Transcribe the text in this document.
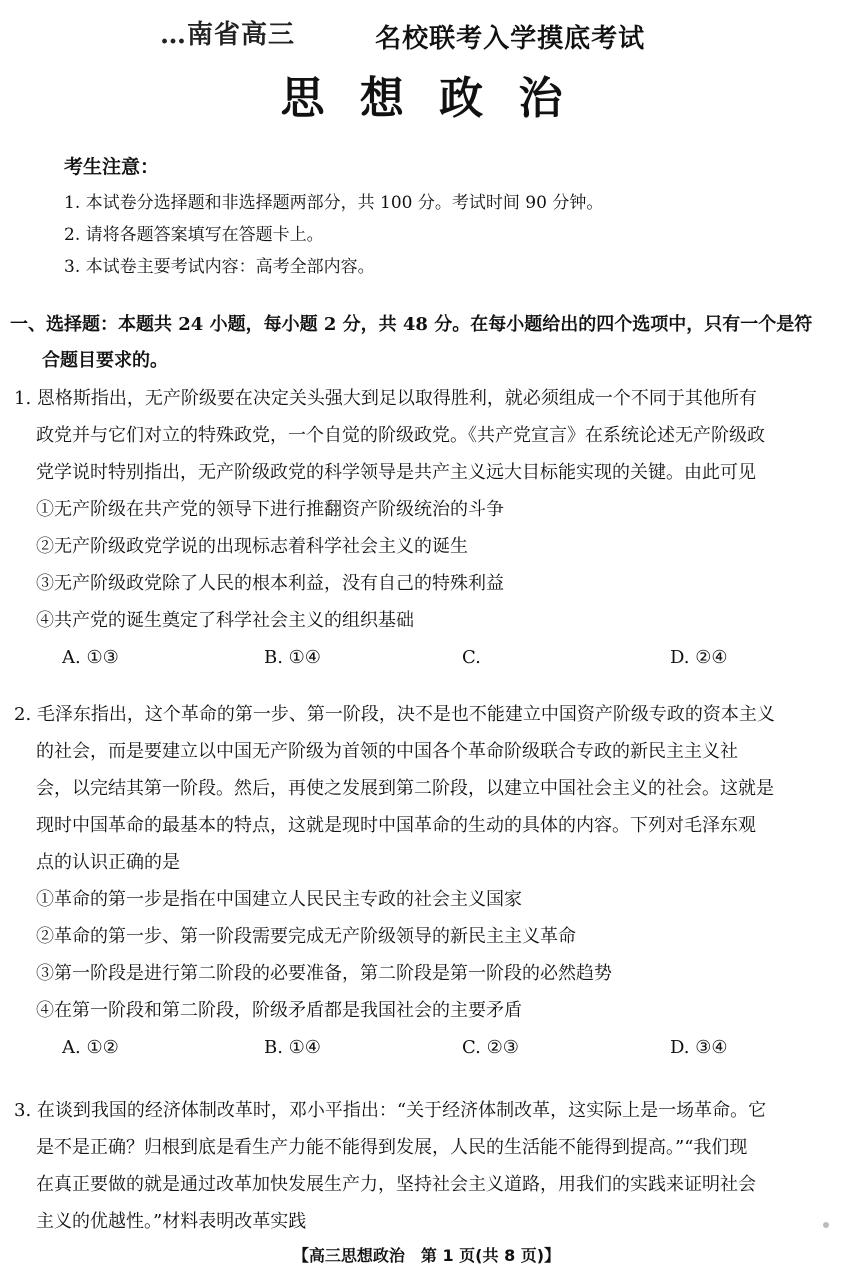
…南省高三	名校联考入学摸底考试
思 想 政 治
考生注意：
1. 本试卷分选择题和非选择题两部分，共 100 分。考试时间 90 分钟。
2. 请将各题答案填写在答题卡上。
3. 本试卷主要考试内容：高考全部内容。
一、选择题：本题共 24 小题，每小题 2 分，共 48 分。在每小题给出的四个选项中，只有一个是符
合题目要求的。
1. 恩格斯指出，无产阶级要在决定关头强大到足以取得胜利，就必须组成一个不同于其他所有
政党并与它们对立的特殊政党，一个自觉的阶级政党。《共产党宣言》在系统论述无产阶级政
党学说时特别指出，无产阶级政党的科学领导是共产主义远大目标能实现的关键。由此可见
①无产阶级在共产党的领导下进行推翻资产阶级统治的斗争
②无产阶级政党学说的出现标志着科学社会主义的诞生
③无产阶级政党除了人民的根本利益，没有自己的特殊利益
④共产党的诞生奠定了科学社会主义的组织基础
A. ①③	B. ①④	C.	D. ②④
2. 毛泽东指出，这个革命的第一步、第一阶段，决不是也不能建立中国资产阶级专政的资本主义
的社会，而是要建立以中国无产阶级为首领的中国各个革命阶级联合专政的新民主主义社
会，以完结其第一阶段。然后，再使之发展到第二阶段，以建立中国社会主义的社会。这就是
现时中国革命的最基本的特点，这就是现时中国革命的生动的具体的内容。下列对毛泽东观
点的认识正确的是
①革命的第一步是指在中国建立人民民主专政的社会主义国家
②革命的第一步、第一阶段需要完成无产阶级领导的新民主主义革命
③第一阶段是进行第二阶段的必要准备，第二阶段是第一阶段的必然趋势
④在第一阶段和第二阶段，阶级矛盾都是我国社会的主要矛盾
A. ①②	B. ①④	C. ②③	D. ③④
3. 在谈到我国的经济体制改革时，邓小平指出：“关于经济体制改革，这实际上是一场革命。它
是不是正确？归根到底是看生产力能不能得到发展，人民的生活能不能得到提高。”“我们现
在真正要做的就是通过改革加快发展生产力，坚持社会主义道路，用我们的实践来证明社会
主义的优越性。”材料表明改革实践
【高三思想政治　第 1 页(共 8 页)】
